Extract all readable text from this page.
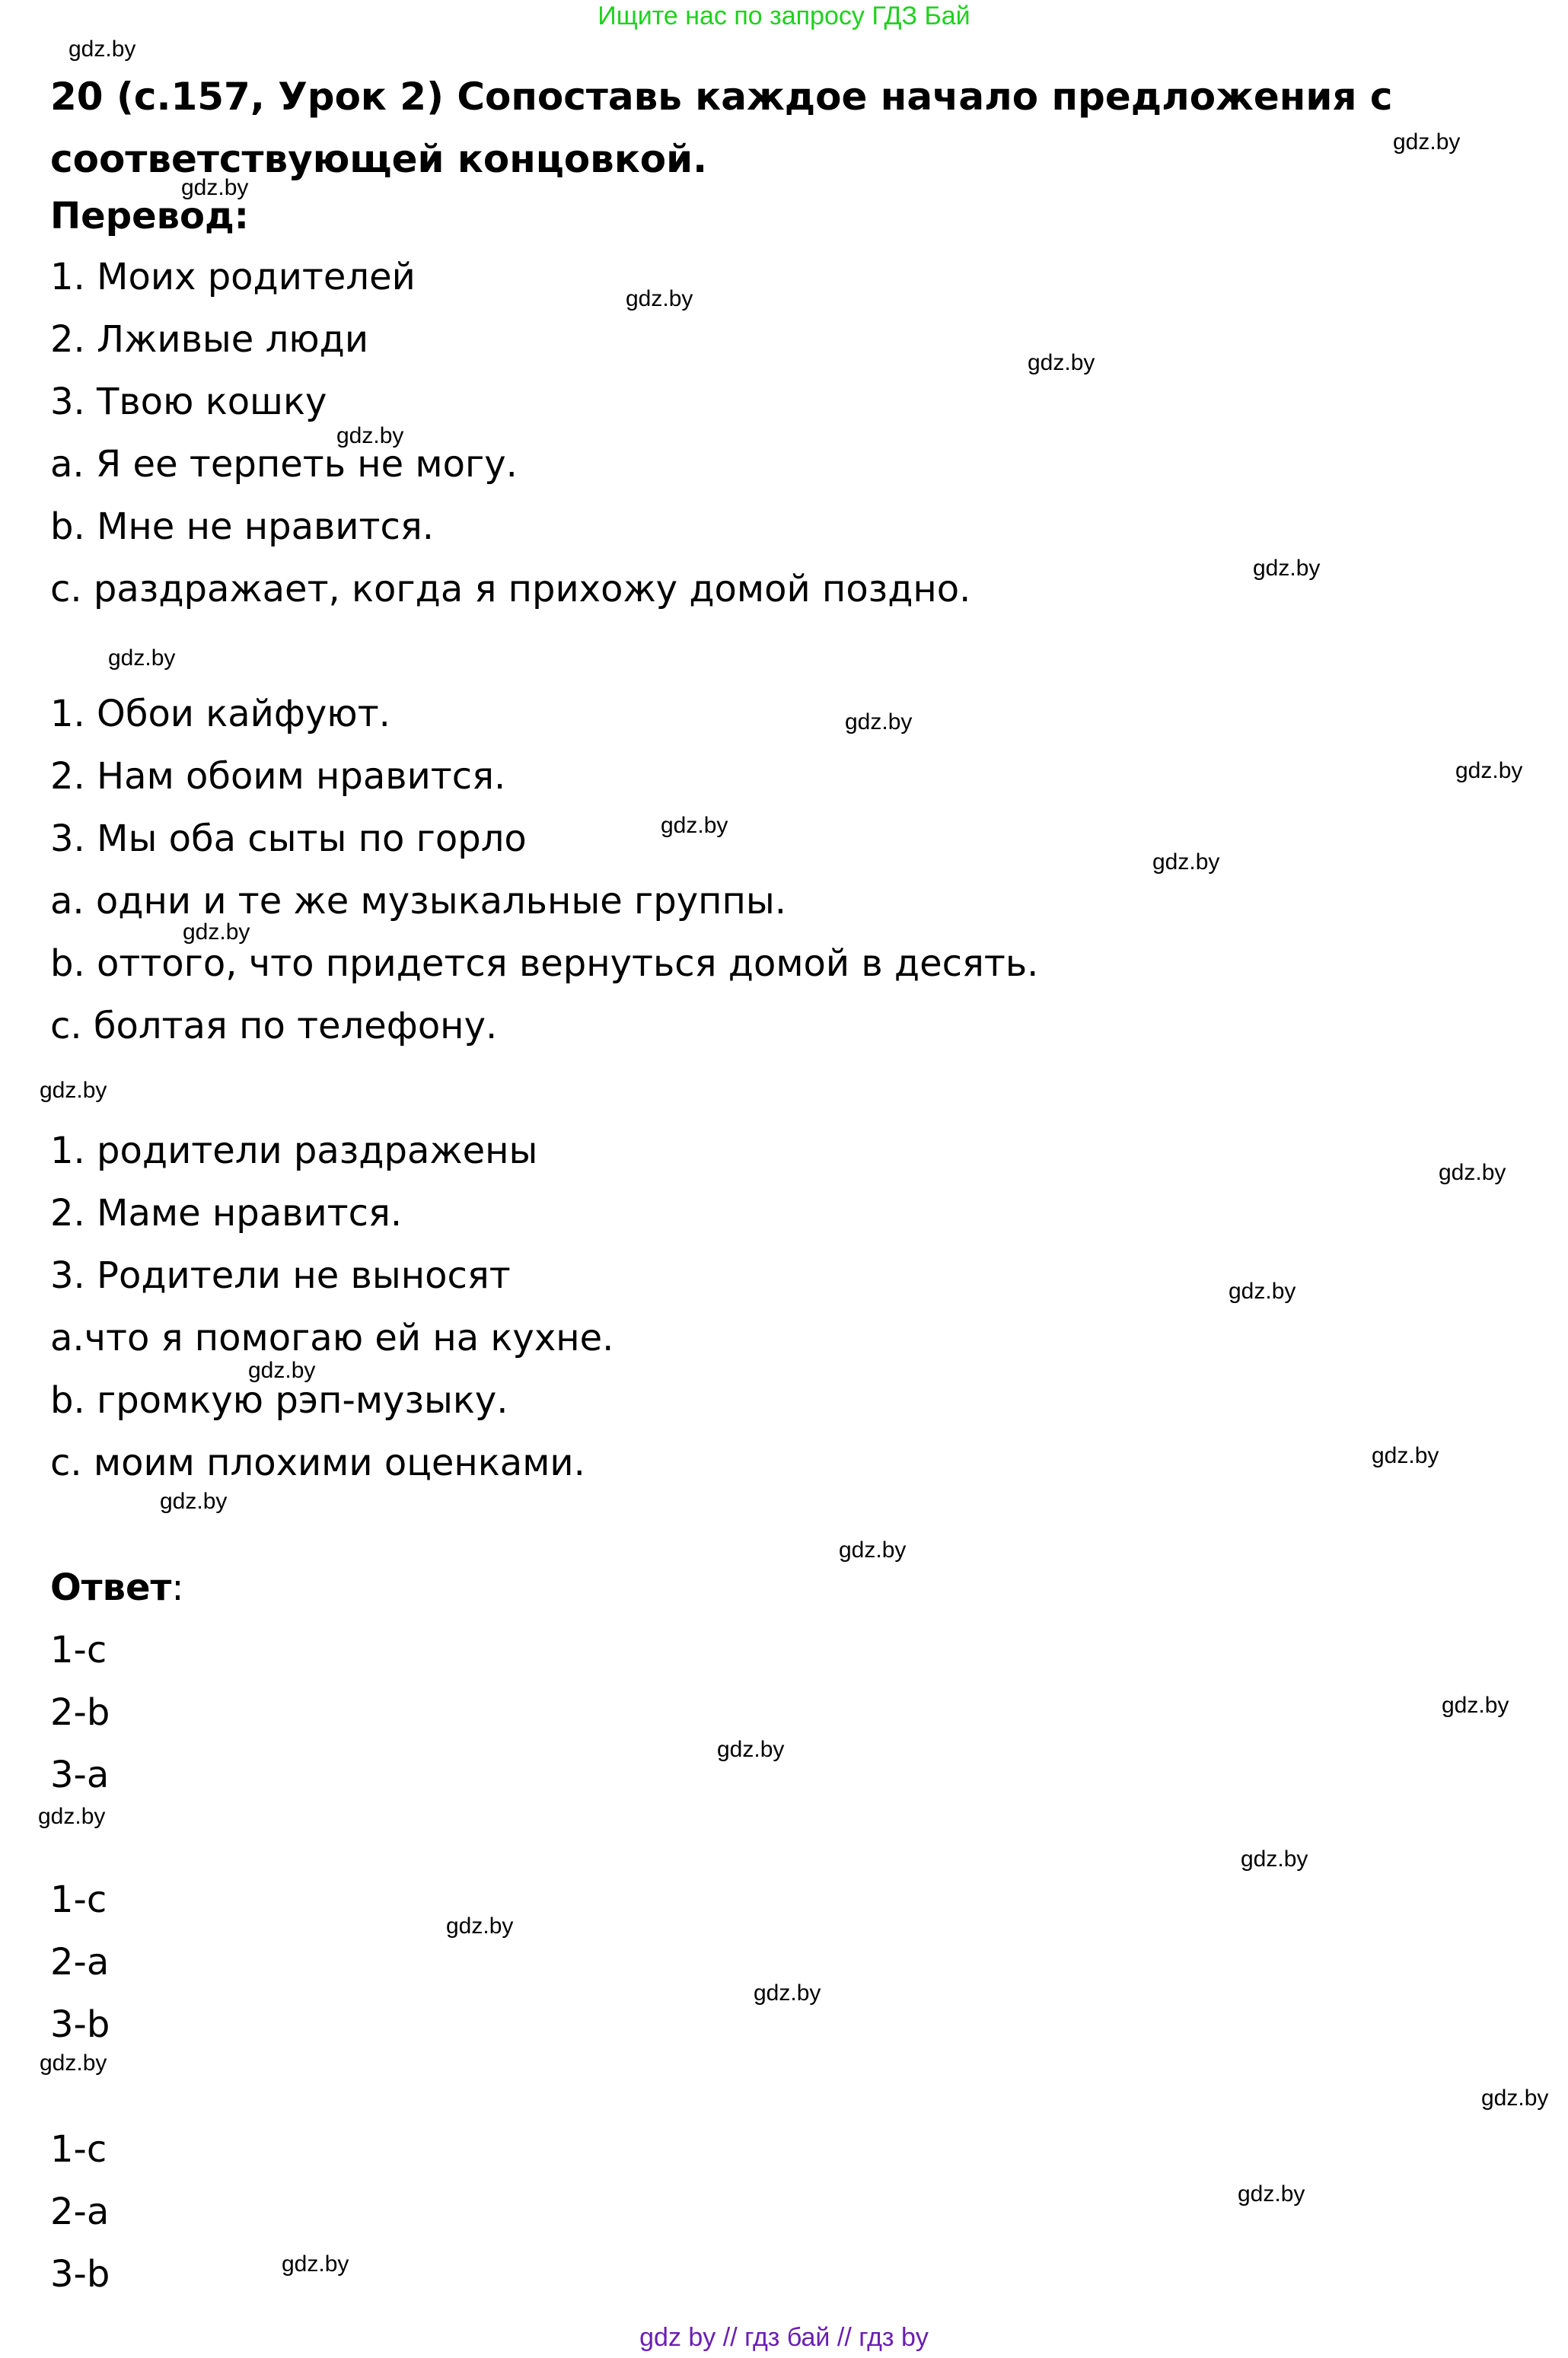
Ищите нас по запросу ГДЗ Бай
20 (с.157, Урок 2) Сопоставь каждое начало предложения с соответствующей концовкой.
Перевод:
1. Моих родителей
2. Лживые люди
3. Твою кошку
a. Я ее терпеть не могу.
b. Мне не нравится.
c. раздражает, когда я прихожу домой поздно.
1. Обои кайфуют.
2. Нам обоим нравится.
3. Мы оба сыты по горло
a. одни и те же музыкальные группы.
b. оттого, что придется вернуться домой в десять.
c. болтая по телефону.
1. родители раздражены
2. Маме нравится.
3. Родители не выносят
a.что я помогаю ей на кухне.
b. громкую рэп-музыку.
c. моим плохими оценками.
Ответ:
1-c
2-b
3-a
1-c
2-a
3-b
1-c
2-a
3-b
gdz.by
gdz.by
gdz.by
gdz.by
gdz.by
gdz.by
gdz.by
gdz.by
gdz.by
gdz.by
gdz.by
gdz.by
gdz.by
gdz.by
gdz.by
gdz.by
gdz.by
gdz.by
gdz.by
gdz.by
gdz.by
gdz.by
gdz.by
gdz.by
gdz.by
gdz.by
gdz.by
gdz.by
gdz.by
gdz.by
gdz by // гдз бай // гдз by
